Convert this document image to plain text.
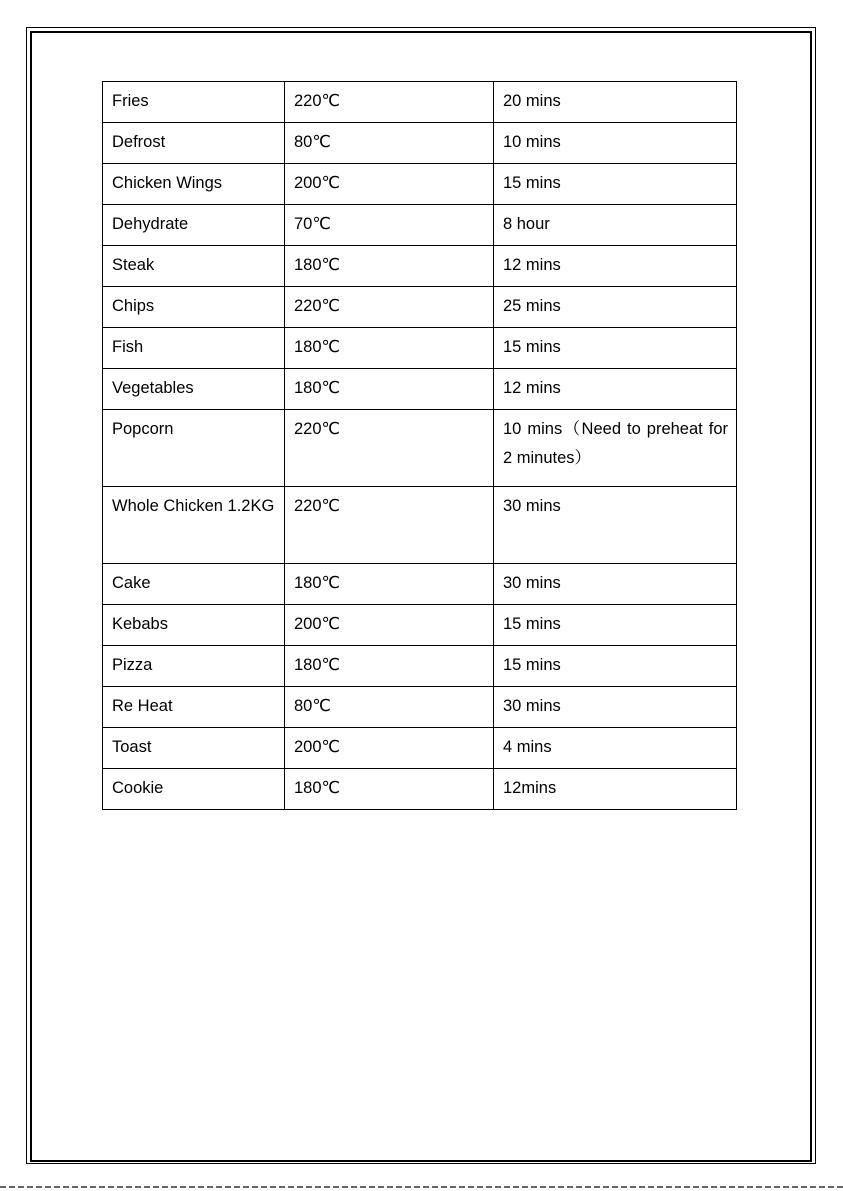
Fries	220℃	20 mins
Defrost	80℃	10 mins
Chicken Wings	200℃	15 mins
Dehydrate	70℃	8 hour
Steak	180℃	12 mins
Chips	220℃	25 mins
Fish	180℃	15 mins
Vegetables	180℃	12 mins
Popcorn	220℃	10 mins（Need to preheat for 2 minutes）
Whole Chicken 1.2KG	220℃	30 mins
Cake	180℃	30 mins
Kebabs	200℃	15 mins
Pizza	180℃	15 mins
Re Heat	80℃	30 mins
Toast	200℃	4 mins
Cookie	180℃	12mins
